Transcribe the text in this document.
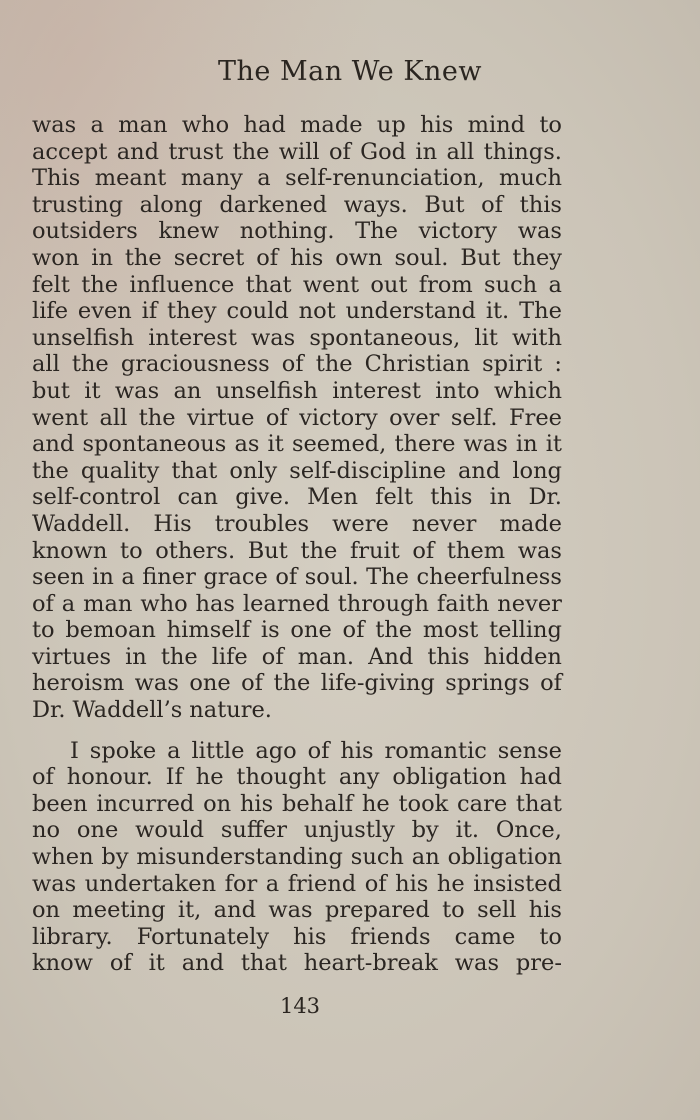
The Man We Knew
was a man who had made up his mind to
accept and trust the will of God in all things.
This meant many a self-renunciation, much
trusting along darkened ways. But of this
outsiders knew nothing. The victory was
won in the secret of his own soul. But they
felt the influence that went out from such a
life even if they could not understand it. The
unselfish interest was spontaneous, lit with
all the graciousness of the Christian spirit :
but it was an unselfish interest into which
went all the virtue of victory over self. Free
and spontaneous as it seemed, there was in it
the quality that only self-discipline and long
self-control can give. Men felt this in Dr.
Waddell. His troubles were never made
known to others. But the fruit of them was
seen in a finer grace of soul. The cheerfulness
of a man who has learned through faith never
to bemoan himself is one of the most telling
virtues in the life of man. And this hidden
heroism was one of the life-giving springs of
Dr. Waddell’s nature.
I spoke a little ago of his romantic sense
of honour. If he thought any obligation had
been incurred on his behalf he took care that
no one would suffer unjustly by it. Once,
when by misunderstanding such an obligation
was undertaken for a friend of his he insisted
on meeting it, and was prepared to sell his
library. Fortunately his friends came to
know of it and that heart-break was pre-
143
